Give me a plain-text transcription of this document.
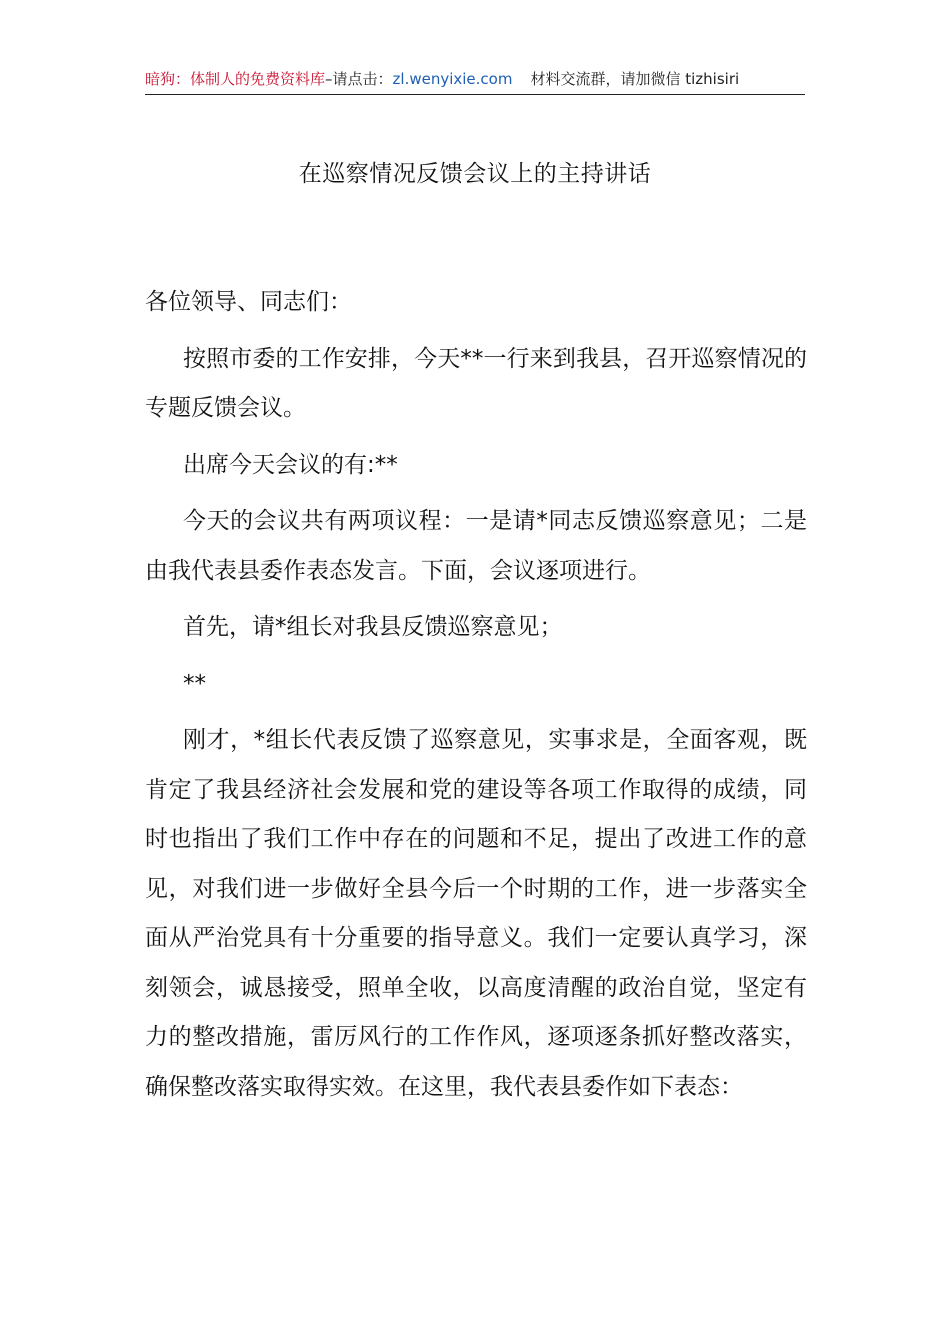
暗狗：体制人的免费资料库–请点击：zl.wenyixie.com 材料交流群，请加微信 tizhisiri
在巡察情况反馈会议上的主持讲话

各位领导、同志们：

按照市委的工作安排，今天**一行来到我县，召开巡察情况的专题反馈会议。

出席今天会议的有:**

今天的会议共有两项议程：一是请*同志反馈巡察意见；二是由我代表县委作表态发言。下面，会议逐项进行。

首先，请*组长对我县反馈巡察意见；

**

刚才，*组长代表反馈了巡察意见，实事求是，全面客观，既肯定了我县经济社会发展和党的建设等各项工作取得的成绩，同时也指出了我们工作中存在的问题和不足，提出了改进工作的意见，对我们进一步做好全县今后一个时期的工作，进一步落实全面从严治党具有十分重要的指导意义。我们一定要认真学习，深刻领会，诚恳接受，照单全收，以高度清醒的政治自觉，坚定有力的整改措施，雷厉风行的工作作风，逐项逐条抓好整改落实，确保整改落实取得实效。在这里，我代表县委作如下表态：
